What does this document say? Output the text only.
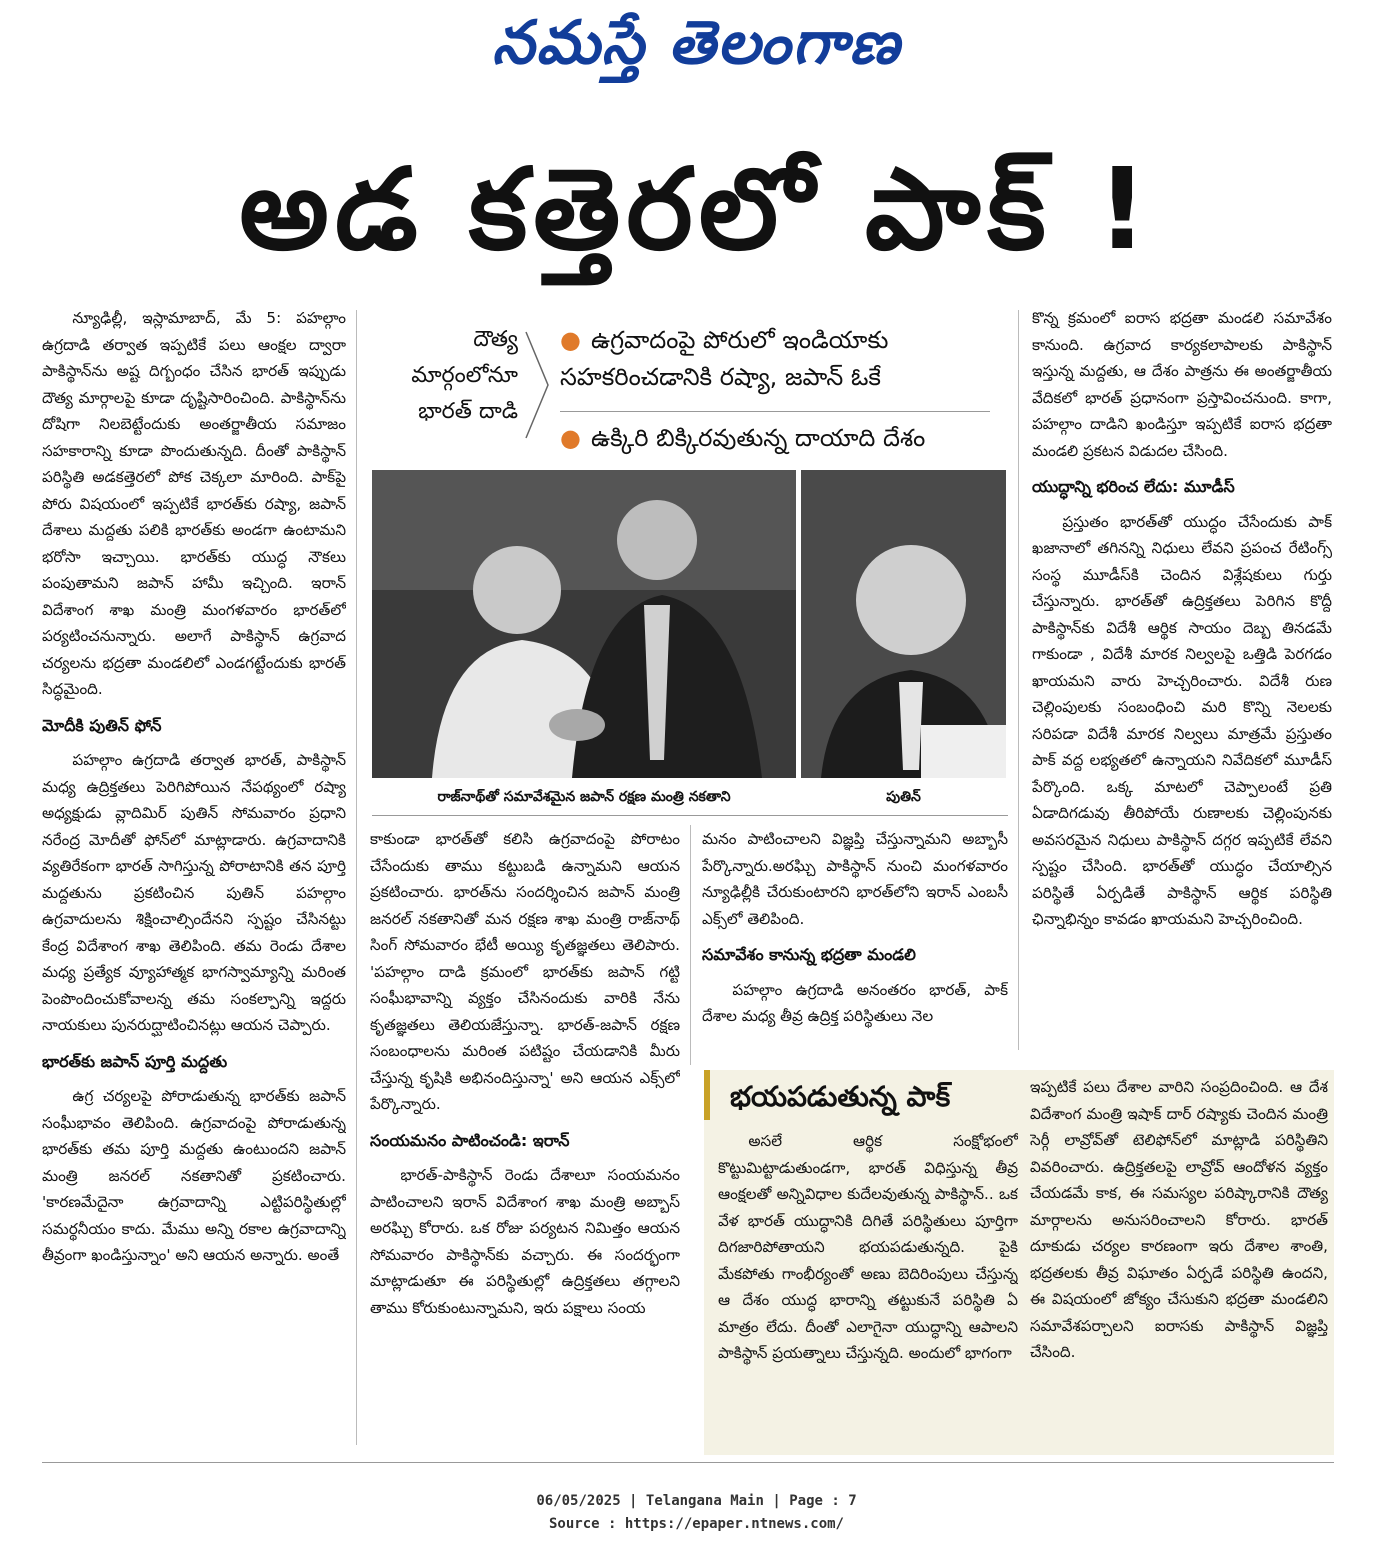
నమస్తే తెలంగాణ
అడ కత్తెరలో పాక్ !
దౌత్య
మార్గంలోనూ
భారత్ దాడి
● ఉగ్రవాదంపై పోరులో ఇండియాకు సహకరించడానికి రష్యా, జపాన్ ఓకే
● ఉక్కిరి బిక్కిరవుతున్న దాయాది దేశం
రాజ్‌నాథ్‌తో సమావేశమైన జపాన్ రక్షణ మంత్రి నకతాని	పుతిన్

న్యూఢిల్లీ, ఇస్లామాబాద్, మే 5: పహల్గాం ఉగ్రదాడి తర్వాత ఇప్పటికే పలు ఆంక్షల ద్వారా పాకిస్థాన్‌ను అష్ట దిగ్బంధం చేసిన భారత్ ఇప్పుడు దౌత్య మార్గాలపై కూడా దృష్టిసారించింది. పాకిస్థాన్‌ను దోషిగా నిలబెట్టేందుకు అంతర్జాతీయ సమాజం సహకారాన్ని కూడా పొందుతున్నది. దీంతో పాకిస్థాన్ పరిస్థితి అడకత్తెరలో పోక చెక్కలా మారింది. పాక్‌పై పోరు విషయంలో ఇప్పటికే భారత్‌కు రష్యా, జపాన్ దేశాలు మద్దతు పలికి భారత్‌కు అండగా ఉంటామని భరోసా ఇచ్చాయి. భారత్‌కు యుద్ధ నౌకలు పంపుతామని జపాన్ హామీ ఇచ్చింది. ఇరాన్ విదేశాంగ శాఖ మంత్రి మంగళవారం భారత్‌లో పర్యటించనున్నారు. అలాగే పాకిస్థాన్ ఉగ్రవాద చర్యలను భద్రతా మండలిలో ఎండగట్టేందుకు భారత్ సిద్ధమైంది.

మోదీకి పుతిన్ ఫోన్

పహల్గాం ఉగ్రదాడి తర్వాత భారత్, పాకిస్థాన్ మధ్య ఉద్రిక్తతలు పెరిగిపోయిన నేపథ్యంలో రష్యా అధ్యక్షుడు వ్లాదిమిర్ పుతిన్ సోమవారం ప్రధాని నరేంద్ర మోదీతో ఫోన్‌లో మాట్లాడారు. ఉగ్రవాదానికి వ్యతిరేకంగా భారత్ సాగిస్తున్న పోరాటానికి తన పూర్తి మద్దతును ప్రకటించిన పుతిన్ పహల్గాం ఉగ్రవాదులను శిక్షించాల్సిందేనని స్పష్టం చేసినట్టు కేంద్ర విదేశాంగ శాఖ తెలిపింది. తమ రెండు దేశాల మధ్య ప్రత్యేక వ్యూహాత్మక భాగస్వామ్యాన్ని మరింత పెంపొందించుకోవాలన్న తమ సంకల్పాన్ని ఇద్దరు నాయకులు పునరుద్ఘాటించినట్లు ఆయన చెప్పారు.

భారత్‌కు జపాన్ పూర్తి మద్దతు

ఉగ్ర చర్యలపై పోరాడుతున్న భారత్‌కు జపాన్ సంఘీభావం తెలిపింది. ఉగ్రవాదంపై పోరాడుతున్న భారత్‌కు తమ పూర్తి మద్దతు ఉంటుందని జపాన్ మంత్రి జనరల్ నకతానితో ప్రకటించారు. 'కారణమేదైనా ఉగ్రవాదాన్ని ఎట్టిపరిస్థితుల్లో సమర్థనీయం కాదు. మేము అన్ని రకాల ఉగ్రవాదాన్ని తీవ్రంగా ఖండిస్తున్నాం' అని ఆయన అన్నారు. అంతే

కాకుండా భారత్‌తో కలిసి ఉగ్రవాదంపై పోరాటం చేసేందుకు తాము కట్టుబడి ఉన్నామని ఆయన ప్రకటించారు. భారత్‌ను సందర్శించిన జపాన్ మంత్రి జనరల్ నకతానితో మన రక్షణ శాఖ మంత్రి రాజ్‌నాథ్ సింగ్ సోమవారం భేటీ అయ్యి కృతజ్ఞతలు తెలిపారు. 'పహల్గాం దాడి క్రమంలో భారత్‌కు జపాన్ గట్టి సంఘీభావాన్ని వ్యక్తం చేసినందుకు వారికి నేను కృతజ్ఞతలు తెలియజేస్తున్నా. భారత్-జపాన్ రక్షణ సంబంధాలను మరింత పటిష్టం చేయడానికి మీరు చేస్తున్న కృషికి అభినందిస్తున్నా' అని ఆయన ఎక్స్‌లో పేర్కొన్నారు.

సంయమనం పాటించండి: ఇరాన్

భారత్-పాకిస్థాన్ రెండు దేశాలూ సంయమనం పాటించాలని ఇరాన్ విదేశాంగ శాఖ మంత్రి అబ్బాస్ అరఘ్చి కోరారు. ఒక రోజు పర్యటన నిమిత్తం ఆయన సోమవారం పాకిస్థాన్‌కు వచ్చారు. ఈ సందర్భంగా మాట్లాడుతూ ఈ పరిస్థితుల్లో ఉద్రిక్తతలు తగ్గాలని తాము కోరుకుంటున్నామని, ఇరు పక్షాలు సంయ

మనం పాటించాలని విజ్ఞప్తి చేస్తున్నామని అబ్బాసీ పేర్కొన్నారు.అరఘ్చి పాకిస్థాన్ నుంచి మంగళవారం న్యూఢిల్లీకి చేరుకుంటారని భారత్‌లోని ఇరాన్ ఎంబసీ ఎక్స్‌లో తెలిపింది.

సమావేశం కానున్న భద్రతా మండలి

పహల్గాం ఉగ్రదాడి అనంతరం భారత్, పాక్ దేశాల మధ్య తీవ్ర ఉద్రిక్త పరిస్థితులు నెల

కొన్న క్రమంలో ఐరాస భద్రతా మండలి సమావేశం కానుంది. ఉగ్రవాద కార్యకలాపాలకు పాకిస్థాన్ ఇస్తున్న మద్దతు, ఆ దేశం పాత్రను ఈ అంతర్జాతీయ వేదికలో భారత్ ప్రధానంగా ప్రస్తావించనుంది. కాగా, పహల్గాం దాడిని ఖండిస్తూ ఇప్పటికే ఐరాస భద్రతా మండలి ప్రకటన విడుదల చేసింది.

యుద్ధాన్ని భరించ లేదు: మూడీస్

ప్రస్తుతం భారత్‌తో యుద్ధం చేసేందుకు పాక్ ఖజానాలో తగినన్ని నిధులు లేవని ప్రపంచ రేటింగ్స్ సంస్థ మూడీస్‌కి చెందిన విశ్లేషకులు గుర్తు చేస్తున్నారు. భారత్‌తో ఉద్రిక్తతలు పెరిగిన కొద్దీ పాకిస్థాన్‌కు విదేశీ ఆర్థిక సాయం దెబ్బ తినడమే గాకుండా , విదేశీ మారక నిల్వలపై ఒత్తిడి పెరగడం ఖాయమని వారు హెచ్చరించారు. విదేశీ రుణ చెల్లింపులకు సంబంధించి మరి కొన్ని నెలలకు సరిపడా విదేశీ మారక నిల్వలు మాత్రమే ప్రస్తుతం పాక్ వద్ద లభ్యతలో ఉన్నాయని నివేదికలో మూడీస్ పేర్కొంది. ఒక్క మాటలో చెప్పాలంటే ప్రతి ఏడాదిగడువు తీరిపోయే రుణాలకు చెల్లింపునకు అవసరమైన నిధులు పాకిస్థాన్ దగ్గర ఇప్పటికే లేవని స్పష్టం చేసింది. భారత్‌తో యుద్ధం చేయాల్సిన పరిస్థితే ఏర్పడితే పాకిస్థాన్ ఆర్థిక పరిస్థితి ఛిన్నాభిన్నం కావడం ఖాయమని హెచ్చరించింది.

భయపడుతున్న పాక్

అసలే ఆర్థిక సంక్షోభంలో కొట్టుమిట్టాడుతుండగా, భారత్ విధిస్తున్న తీవ్ర ఆంక్షలతో అన్నివిధాల కుదేలవుతున్న పాకిస్థాన్.. ఒక వేళ భారత్ యుద్ధానికి దిగితే పరిస్థితులు పూర్తిగా దిగజారిపోతాయని భయపడుతున్నది. పైకి మేకపోతు గాంభీర్యంతో అణు బెదిరింపులు చేస్తున్న ఆ దేశం యుద్ధ భారాన్ని తట్టుకునే పరిస్థితి ఏ మాత్రం లేదు. దీంతో ఎలాగైనా యుద్ధాన్ని ఆపాలని పాకిస్థాన్ ప్రయత్నాలు చేస్తున్నది. అందులో భాగంగా

ఇప్పటికే పలు దేశాల వారిని సంప్రదించింది. ఆ దేశ విదేశాంగ మంత్రి ఇషాక్ దార్ రష్యాకు చెందిన మంత్రి సెర్గీ లావ్రోవ్‌తో టెలిఫోన్‌లో మాట్లాడి పరిస్థితిని వివరించారు. ఉద్రిక్తతలపై లావ్రోవ్ ఆందోళన వ్యక్తం చేయడమే కాక, ఈ సమస్యల పరిష్కారానికి దౌత్య మార్గాలను అనుసరించాలని కోరారు. భారత్ దూకుడు చర్యల కారణంగా ఇరు దేశాల శాంతి, భద్రతలకు తీవ్ర విఘాతం ఏర్పడే పరిస్థితి ఉందని, ఈ విషయంలో జోక్యం చేసుకుని భద్రతా మండలిని సమావేశపర్చాలని ఐరాసకు పాకిస్థాన్ విజ్ఞప్తి చేసింది.

06/05/2025 | Telangana Main | Page : 7
Source : https://epaper.ntnews.com/
